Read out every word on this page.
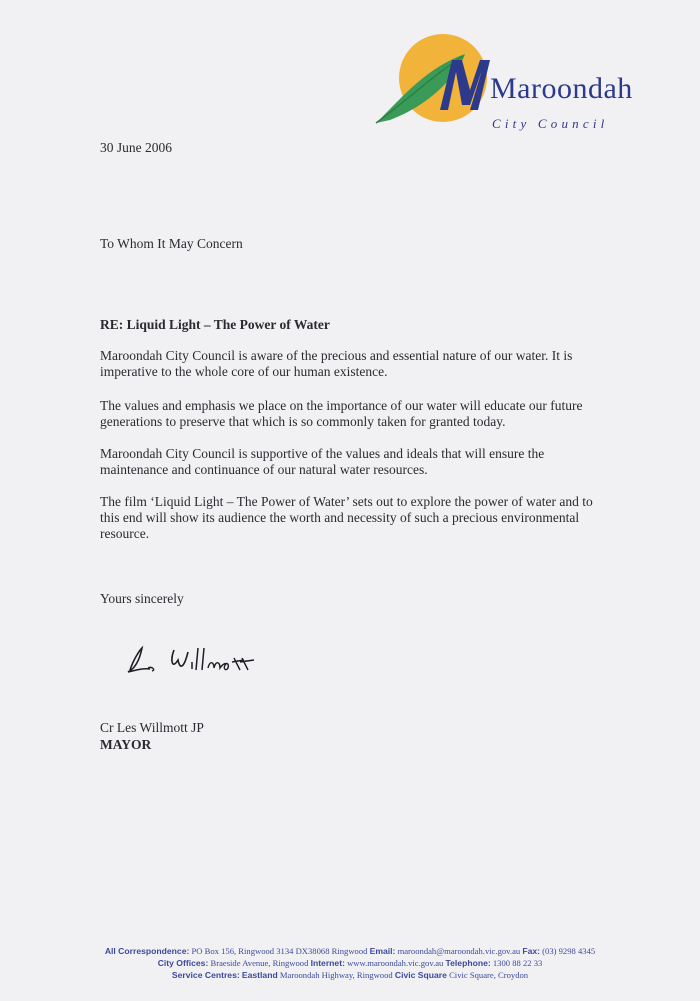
Maroondah
City Council
30 June 2006
To Whom It May Concern
RE: Liquid Light – The Power of Water
Maroondah City Council is aware of the precious and essential nature of our water. It is imperative to the whole core of our human existence.
The values and emphasis we place on the importance of our water will educate our future generations to preserve that which is so commonly taken for granted today.
Maroondah City Council is supportive of the values and ideals that will ensure the maintenance and continuance of our natural water resources.
The film ‘Liquid Light – The Power of Water’ sets out to explore the power of water and to this end will show its audience the worth and necessity of such a precious environmental resource.
Yours sincerely
Cr Les Willmott JP
MAYOR
All Correspondence: PO Box 156, Ringwood 3134 DX38068 Ringwood Email: maroondah@maroondah.vic.gov.au Fax: (03) 9298 4345
City Offices: Braeside Avenue, Ringwood Internet: www.maroondah.vic.gov.au Telephone: 1300 88 22 33
Service Centres: Eastland Maroondah Highway, Ringwood Civic Square Civic Square, Croydon
